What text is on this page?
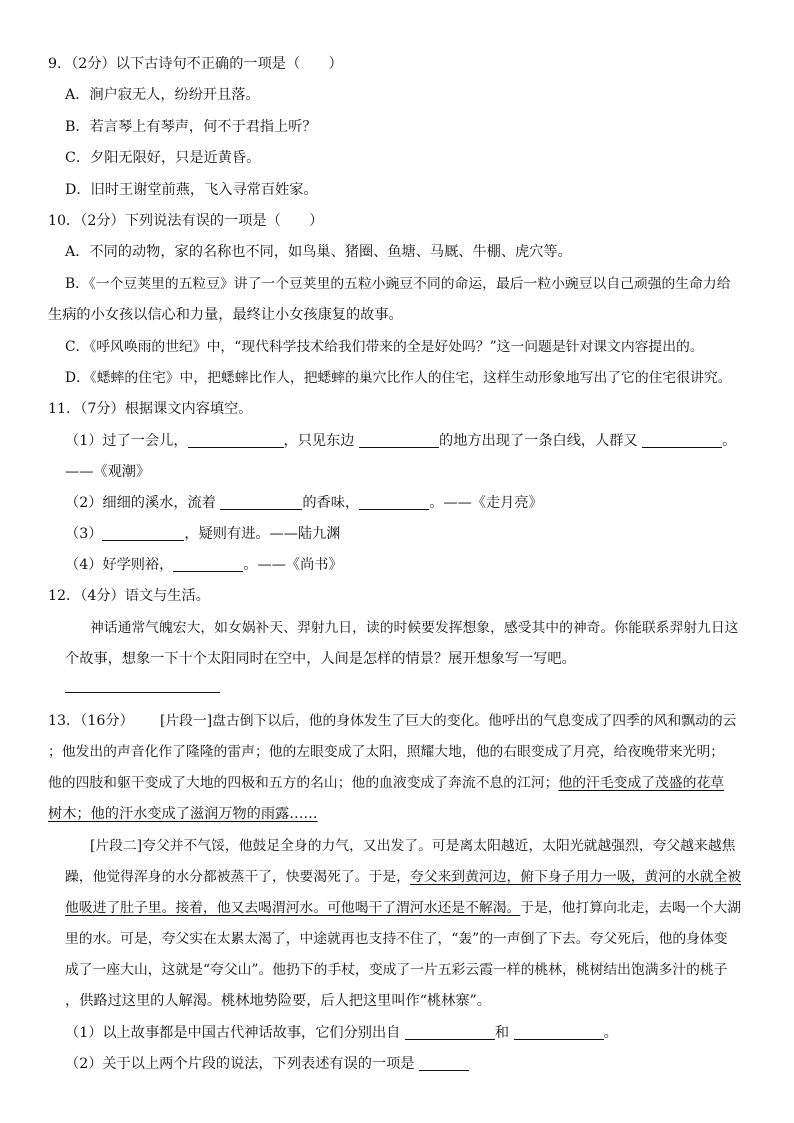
9．（2分）以下古诗句不正确的一项是（　　）
A．涧户寂无人，纷纷开且落。
B．若言琴上有琴声，何不于君指上听？
C．夕阳无限好，只是近黄昏。
D．旧时王谢堂前燕，飞入寻常百姓家。
10．（2分）下列说法有误的一项是（　　）
A．不同的动物，家的名称也不同，如鸟巢、猪圈、鱼塘、马厩、牛棚、虎穴等。
B．《一个豆荚里的五粒豆》讲了一个豆荚里的五粒小豌豆不同的命运，最后一粒小豌豆以自己顽强的生命力给
生病的小女孩以信心和力量，最终让小女孩康复的故事。
C．《呼风唤雨的世纪》中，“现代科学技术给我们带来的全是好处吗？”这一问题是针对课文内容提出的。
D．《蟋蟀的住宅》中，把蟋蟀比作人，把蟋蟀的巢穴比作人的住宅，这样生动形象地写出了它的住宅很讲究。
11．（7分）根据课文内容填空。
（1）过了一会儿，	，只见东边	的地方出现了一条白线，人群又	。
——《观潮》
（2）细细的溪水，流着	的香味，	。——《走月亮》
（3）	，疑则有进。——陆九渊
（4）好学则裕，	。——《尚书》
12．（4分）语文与生活。
神话通常气魄宏大，如女娲补天、羿射九日，读的时候要发挥想象，感受其中的神奇。你能联系羿射九日这
个故事，想象一下十个太阳同时在空中，人间是怎样的情景？展开想象写一写吧。
13．（16分） [片段一]盘古倒下以后，他的身体发生了巨大的变化。他呼出的气息变成了四季的风和飘动的云
；他发出的声音化作了隆隆的雷声；他的左眼变成了太阳，照耀大地，他的右眼变成了月亮，给夜晚带来光明；
他的四肢和躯干变成了大地的四极和五方的名山；他的血液变成了奔流不息的江河；他的汗毛变成了茂盛的花草
树木；他的汗水变成了滋润万物的雨露……
[片段二]夸父并不气馁，他鼓足全身的力气，又出发了。可是离太阳越近，太阳光就越强烈，夸父越来越焦
躁，他觉得浑身的水分都被蒸干了，快要渴死了。于是，夸父来到黄河边，俯下身子用力一吸，黄河的水就全被
他吸进了肚子里。接着，他又去喝渭河水。可他喝干了渭河水还是不解渴。于是，他打算向北走，去喝一个大湖
里的水。可是，夸父实在太累太渴了，中途就再也支持不住了，“轰”的一声倒了下去。夸父死后，他的身体变
成了一座大山，这就是“夸父山”。他扔下的手杖，变成了一片五彩云霞一样的桃林，桃树结出饱满多汁的桃子
，供路过这里的人解渴。桃林地势险要，后人把这里叫作“桃林寨”。
（1）以上故事都是中国古代神话故事，它们分别出自	和	。
（2）关于以上两个片段的说法，下列表述有误的一项是
